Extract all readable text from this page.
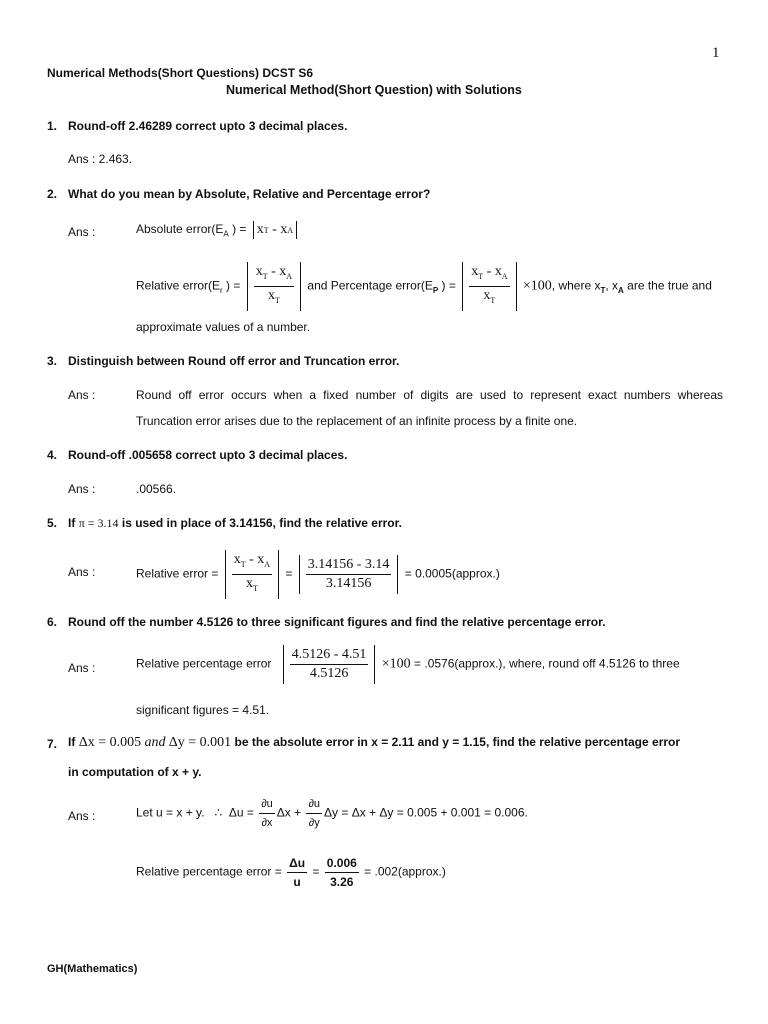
1
Numerical Methods(Short Questions) DCST S6
Numerical Method(Short Question) with Solutions
1. Round-off 2.46289 correct upto 3 decimal places.
Ans : 2.463.
2. What do you mean by Absolute, Relative and Percentage error?
Ans :	Absolute $error(E_A$ ) = x T
-
x A
Relative $error(E_r$ ) = $\frac{x_T - x_A}{x_T}$ and Percentage $error(E_P$ ) = $\frac{x_T - x_A}{x_T} \times 100$, where $x_T$, $x_A$ are the true and
approximate values of a number.
3. Distinguish between Round off error and Truncation error.
Ans :	Round off error occurs when a fixed number of digits are used to represent exact numbers whereas
Truncation error arises due to the replacement of an infinite process by a finite one.
4. Round-off .005658 correct upto 3 decimal places.
Ans :	.00566.
5. If π = 3.14 is used in place of 3.14156, find the relative error.
Ans :	Relative error = $\frac{x_T - x_A}{x_T} = \frac{3.14156 - 3.14}{3.14156}$ = 0.0005(approx.)
6. Round off the number 4.5126 to three significant figures and find the relative percentage error.
Ans :	Relative percentage error $\frac{4.5126 - 4.51}{4.5126} \times 100$ = .0576(approx.), where, round off 4.5126 to three
significant figures = 4.51.
7. If Δx = 0.005 and Δy = 0.001 be the absolute error in x = 2.11 and y = 1.15, find the relative percentage error
in computation of x + y.
Ans :	Let u = x + y. ∴ $\Delta u = \frac{\partial u}{\partial x}$ $\Delta x + \frac{\partial u}{\partial y}$ Δy = Δx + Δy = 0.005 + 0.001 = 0.006.
Relative percentage error = $\frac{\Delta u}{u} = \frac{0.006}{3.26}$ = .002(approx.)
GH(Mathematics)
